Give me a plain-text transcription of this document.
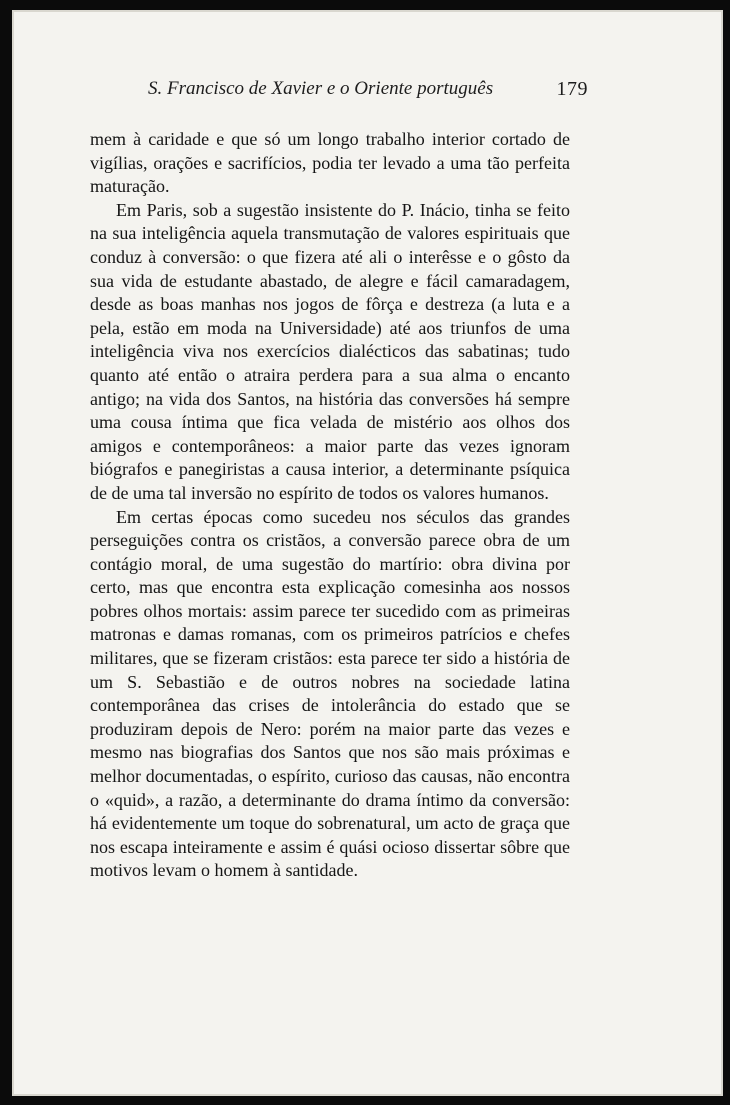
S. Francisco de Xavier e o Oriente português	179

mem à caridade e que só um longo trabalho interior cortado de vigílias, orações e sacrifícios, podia ter levado a uma tão perfeita maturação.

Em Paris, sob a sugestão insistente do P. Inácio, tinha se feito na sua inteligência aquela transmutação de valores espirituais que conduz à conversão: o que fizera até ali o interêsse e o gôsto da sua vida de estudante abastado, de alegre e fácil camaradagem, desde as boas manhas nos jogos de fôrça e destreza (a luta e a pela, estão em moda na Universidade) até aos triunfos de uma inteligência viva nos exercícios dialécticos das sabatinas; tudo quanto até então o atraira perdera para a sua alma o encanto antigo; na vida dos Santos, na história das conversões há sempre uma cousa íntima que fica velada de mistério aos olhos dos amigos e contemporâneos: a maior parte das vezes ignoram biógrafos e panegiristas a causa interior, a determinante psíquica de de uma tal inversão no espírito de todos os valores humanos.

Em certas épocas como sucedeu nos séculos das grandes perseguições contra os cristãos, a conversão parece obra de um contágio moral, de uma sugestão do martírio: obra divina por certo, mas que encontra esta explicação comesinha aos nossos pobres olhos mortais: assim parece ter sucedido com as primeiras matronas e damas romanas, com os primeiros patrícios e chefes militares, que se fizeram cristãos: esta parece ter sido a história de um S. Sebastião e de outros nobres na sociedade latina contemporânea das crises de intolerância do estado que se produziram depois de Nero: porém na maior parte das vezes e mesmo nas biografias dos Santos que nos são mais próximas e melhor documentadas, o espírito, curioso das causas, não encontra o «quid», a razão, a determinante do drama íntimo da conversão: há evidentemente um toque do sobrenatural, um acto de graça que nos escapa inteiramente e assim é quási ocioso dissertar sôbre que motivos levam o homem à santidade.
